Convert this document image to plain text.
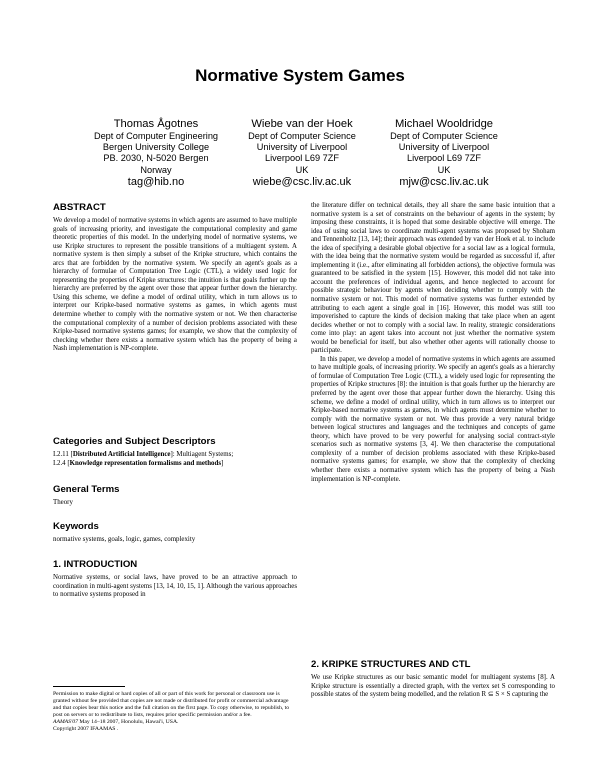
Normative System Games
Thomas Ågotnes
Dept of Computer Engineering
Bergen University College
PB. 2030, N-5020 Bergen
Norway
tag@hib.no
Wiebe van der Hoek
Dept of Computer Science
University of Liverpool
Liverpool L69 7ZF
UK
wiebe@csc.liv.ac.uk
Michael Wooldridge
Dept of Computer Science
University of Liverpool
Liverpool L69 7ZF
UK
mjw@csc.liv.ac.uk
ABSTRACT
We develop a model of normative systems in which agents are assumed to have multiple goals of increasing priority, and investigate the computational complexity and game theoretic properties of this model. In the underlying model of normative systems, we use Kripke structures to represent the possible transitions of a multiagent system. A normative system is then simply a subset of the Kripke structure, which contains the arcs that are forbidden by the normative system. We specify an agent's goals as a hierarchy of formulae of Computation Tree Logic (CTL), a widely used logic for representing the properties of Kripke structures: the intuition is that goals further up the hierarchy are preferred by the agent over those that appear further down the hierarchy. Using this scheme, we define a model of ordinal utility, which in turn allows us to interpret our Kripke-based normative systems as games, in which agents must determine whether to comply with the normative system or not. We then characterise the computational complexity of a number of decision problems associated with these Kripke-based normative systems games; for example, we show that the complexity of checking whether there exists a normative system which has the property of being a Nash implementation is NP-complete.
Categories and Subject Descriptors
I.2.11 [Distributed Artificial Intelligence]: Multiagent Systems;
I.2.4 [Knowledge representation formalisms and methods]
General Terms
Theory
Keywords
normative systems, goals, logic, games, complexity
1. INTRODUCTION
Normative systems, or social laws, have proved to be an attractive approach to coordination in multi-agent systems [13, 14, 10, 15, 1]. Although the various approaches to normative systems proposed in
Permission to make digital or hard copies of all or part of this work for personal or classroom use is granted without fee provided that copies are not made or distributed for profit or commercial advantage and that copies bear this notice and the full citation on the first page. To copy otherwise, to republish, to post on servers or to redistribute to lists, requires prior specific permission and/or a fee.
AAMAS'07 May 14–18 2007, Honolulu, Hawai'i, USA.
Copyright 2007 IFAAMAS .

the literature differ on technical details, they all share the same basic intuition that a normative system is a set of constraints on the behaviour of agents in the system; by imposing these constraints, it is hoped that some desirable objective will emerge. The idea of using social laws to coordinate multi-agent systems was proposed by Shoham and Tennenholtz [13, 14]; their approach was extended by van der Hoek et al. to include the idea of specifying a desirable global objective for a social law as a logical formula, with the idea being that the normative system would be regarded as successful if, after implementing it (i.e., after eliminating all forbidden actions), the objective formula was guaranteed to be satisfied in the system [15]. However, this model did not take into account the preferences of individual agents, and hence neglected to account for possible strategic behaviour by agents when deciding whether to comply with the normative system or not. This model of normative systems was further extended by attributing to each agent a single goal in [16]. However, this model was still too impoverished to capture the kinds of decision making that take place when an agent decides whether or not to comply with a social law. In reality, strategic considerations come into play: an agent takes into account not just whether the normative system would be beneficial for itself, but also whether other agents will rationally choose to participate.

In this paper, we develop a model of normative systems in which agents are assumed to have multiple goals, of increasing priority. We specify an agent's goals as a hierarchy of formulae of Computation Tree Logic (CTL), a widely used logic for representing the properties of Kripke structures [8]: the intuition is that goals further up the hierarchy are preferred by the agent over those that appear further down the hierarchy. Using this scheme, we define a model of ordinal utility, which in turn allows us to interpret our Kripke-based normative systems as games, in which agents must determine whether to comply with the normative system or not. We thus provide a very natural bridge between logical structures and languages and the techniques and concepts of game theory, which have proved to be very powerful for analysing social contract-style scenarios such as normative systems [3, 4]. We then characterise the computational complexity of a number of decision problems associated with these Kripke-based normative systems games; for example, we show that the complexity of checking whether there exists a normative system which has the property of being a Nash implementation is NP-complete.

2. KRIPKE STRUCTURES AND CTL
We use Kripke structures as our basic semantic model for multiagent systems [8]. A Kripke structure is essentially a directed graph, with the vertex set S corresponding to possible states of the system being modelled, and the relation R ⊆ S × S capturing the
